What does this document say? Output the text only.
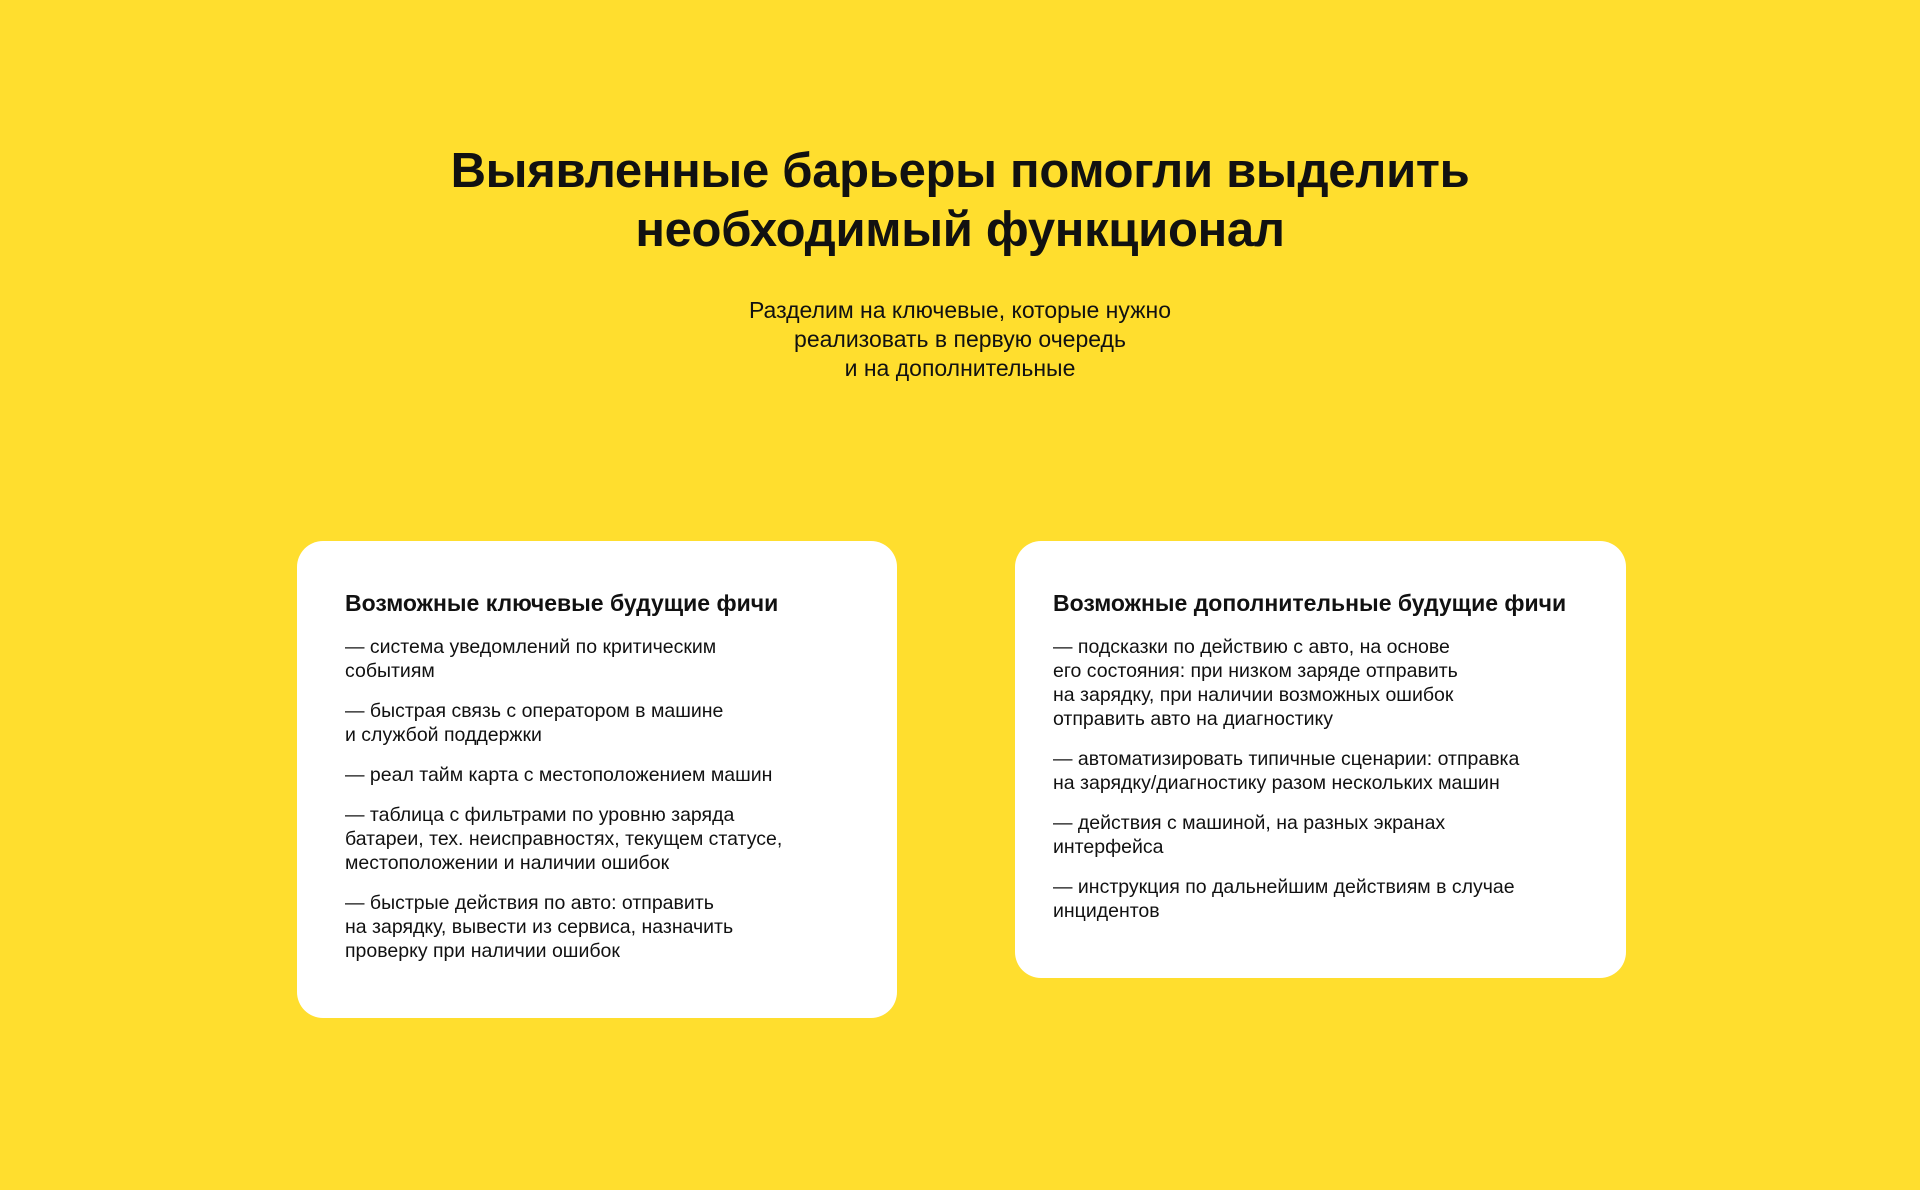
Выявленные барьеры помогли выделить
необходимый функционал

Разделим на ключевые, которые нужно
реализовать в первую очередь
и на дополнительные

Возможные ключевые будущие фичи
— система уведомлений по критическим
событиям
— быстрая связь с оператором в машине
и службой поддержки
— реал тайм карта с местоположением машин
— таблица с фильтрами по уровню заряда
батареи, тех. неисправностях, текущем статусе,
местоположении и наличии ошибок
— быстрые действия по авто: отправить
на зарядку, вывести из сервиса, назначить
проверку при наличии ошибок
Возможные дополнительные будущие фичи
— подсказки по действию с авто, на основе
его состояния: при низком заряде отправить
на зарядку, при наличии возможных ошибок
отправить авто на диагностику
— автоматизировать типичные сценарии: отправка
на зарядку/диагностику разом нескольких машин
— действия с машиной, на разных экранах
интерфейса
— инструкция по дальнейшим действиям в случае
инцидентов
